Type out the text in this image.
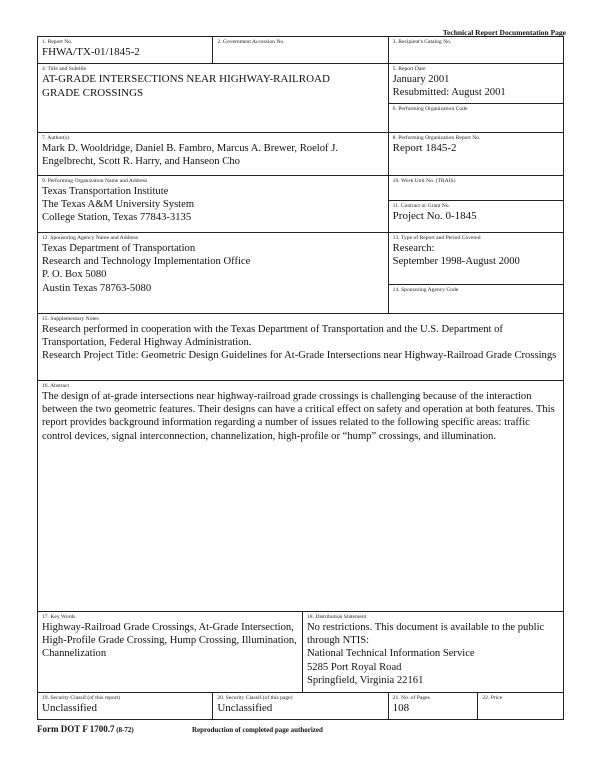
Technical Report Documentation Page
1. Report No.
FHWA/TX-01/1845-2
2. Government Accession No.	3. Recipient's Catalog No.
4. Title and Subtitle
AT-GRADE INTERSECTIONS NEAR HIGHWAY-RAILROAD GRADE CROSSINGS
5. Report Date
January 2001
Resubmitted: August 2001
6. Performing Organization Code
7. Author(s)
Mark D. Wooldridge, Daniel B. Fambro, Marcus A. Brewer, Roelof J. Engelbrecht, Scott R. Harry, and Hanseon Cho
8. Performing Organization Report No.
Report 1845-2
9. Performing Organization Name and Address
Texas Transportation Institute
The Texas A&M University System
College Station, Texas 77843-3135
10. Work Unit No. (TRAIS)
11. Contract or Grant No.
Project No. 0-1845
12. Sponsoring Agency Name and Address
Texas Department of Transportation
Research and Technology Implementation Office
P. O. Box 5080
Austin Texas 78763-5080
13. Type of Report and Period Covered
Research:
September 1998-August 2000
14. Sponsoring Agency Code
15. Supplementary Notes
Research performed in cooperation with the Texas Department of Transportation and the U.S. Department of Transportation, Federal Highway Administration.
Research Project Title: Geometric Design Guidelines for At-Grade Intersections near Highway-Railroad Grade Crossings
16. Abstract
The design of at-grade intersections near highway-railroad grade crossings is challenging because of the interaction between the two geometric features. Their designs can have a critical effect on safety and operation at both features. This report provides background information regarding a number of issues related to the following specific areas: traffic control devices, signal interconnection, channelization, high-profile or “hump” crossings, and illumination.
17. Key Words
Highway-Railroad Grade Crossings, At-Grade Intersection, High-Profile Grade Crossing, Hump Crossing, Illumination, Channelization
18. Distribution Statement
No restrictions. This document is available to the public through NTIS:
National Technical Information Service
5285 Port Royal Road
Springfield, Virginia 22161
19. Security Classif.(of this report)
Unclassified
20. Security Classif.(of this page)
Unclassified
21. No. of Pages
108
22. Price
Form DOT F 1700.7 (8-72)	Reproduction of completed page authorized
